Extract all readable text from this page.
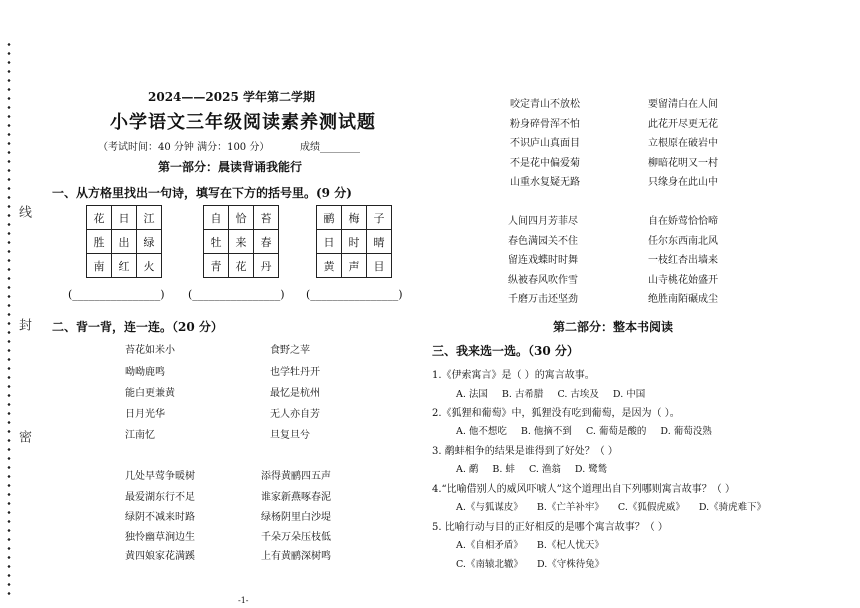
线
封
密
2024——2025 学年第二学期
小学语文三年级阅读素养测试题
（考试时间：40 分钟 满分：100 分）	成绩________
第一部分：晨读背诵我能行
一、从方格里找出一句诗，填写在下方的括号里。(9 分)
花	日	江
胜	出	绿
南	红	火
自	恰	苔
牡	来	春
青	花	丹
鹂	梅	子
日	时	晴
黄	声	目
(________________) (________________) (________________)
二、背一背，连一连。（20 分）
苔花如米小
呦呦鹿鸣
能白更兼黄
日月光华
江南忆
食野之苹
也学牡丹开
最忆是杭州
无人亦自芳
旦复旦兮
几处早莺争暖树
最爱湖东行不足
绿阴不减来时路
独怜幽草涧边生
黄四娘家花满蹊
添得黄鹂四五声
谁家新燕啄春泥
绿杨阴里白沙堤
千朵万朵压枝低
上有黄鹂深树鸣
咬定青山不放松
粉身碎骨浑不怕
不识庐山真面目
不是花中偏爱菊
山重水复疑无路
要留清白在人间
此花开尽更无花
立根原在破岩中
柳暗花明又一村
只缘身在此山中
人间四月芳菲尽
春色满园关不住
留连戏蝶时时舞
纵被春风吹作雪
千磨万击还坚劲
自在娇莺恰恰啼
任尔东西南北风
一枝红杏出墙来
山寺桃花始盛开
绝胜南陌碾成尘
第二部分：整本书阅读
三、我来选一选。（30 分）
1.《伊索寓言》是（ ）的寓言故事。
A. 法国 B. 古希腊 C. 古埃及 D. 中国
2.《狐狸和葡萄》中，狐狸没有吃到葡萄，是因为（ ）。
A. 他不想吃 B. 他摘不到 C. 葡萄是酸的 D. 葡萄没熟
3. 鹬蚌相争的结果是谁得到了好处？（ ）
A. 鹬 B. 蚌 C. 渔翁 D. 鹭鸶
4.“比喻借别人的威风吓唬人”这个道理出自下列哪则寓言故事？（ ）
A.《与狐谋皮》 B.《亡羊补牢》 C.《狐假虎威》 D.《骑虎难下》
5. 比喻行动与目的正好相反的是哪个寓言故事？（ ）
A.《自相矛盾》 B.《杞人忧天》
C.《南辕北辙》 D.《守株待兔》
-1-
